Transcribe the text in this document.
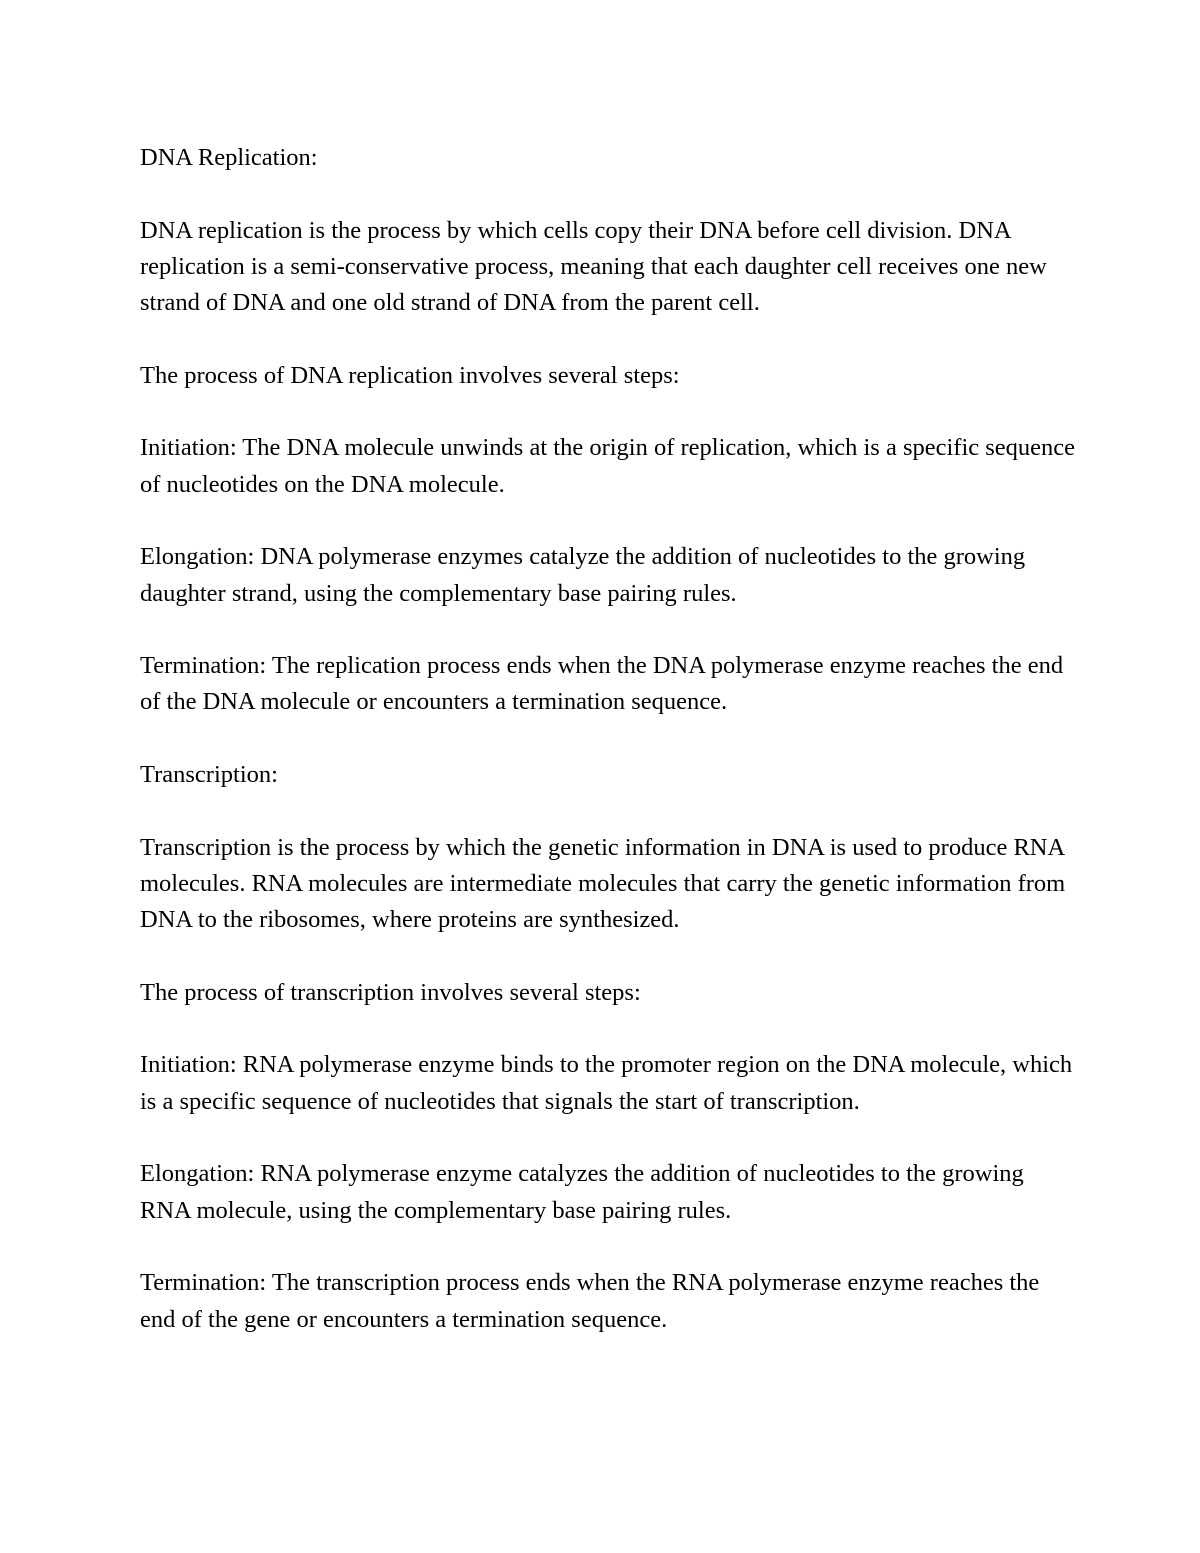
DNA Replication:

DNA replication is the process by which cells copy their DNA before cell division. DNA replication is a semi-conservative process, meaning that each daughter cell receives one new strand of DNA and one old strand of DNA from the parent cell.

The process of DNA replication involves several steps:

Initiation: The DNA molecule unwinds at the origin of replication, which is a specific sequence of nucleotides on the DNA molecule.

Elongation: DNA polymerase enzymes catalyze the addition of nucleotides to the growing daughter strand, using the complementary base pairing rules.

Termination: The replication process ends when the DNA polymerase enzyme reaches the end of the DNA molecule or encounters a termination sequence.

Transcription:

Transcription is the process by which the genetic information in DNA is used to produce RNA molecules. RNA molecules are intermediate molecules that carry the genetic information from DNA to the ribosomes, where proteins are synthesized.

The process of transcription involves several steps:

Initiation: RNA polymerase enzyme binds to the promoter region on the DNA molecule, which is a specific sequence of nucleotides that signals the start of transcription.

Elongation: RNA polymerase enzyme catalyzes the addition of nucleotides to the growing RNA molecule, using the complementary base pairing rules.

Termination: The transcription process ends when the RNA polymerase enzyme reaches the end of the gene or encounters a termination sequence.
